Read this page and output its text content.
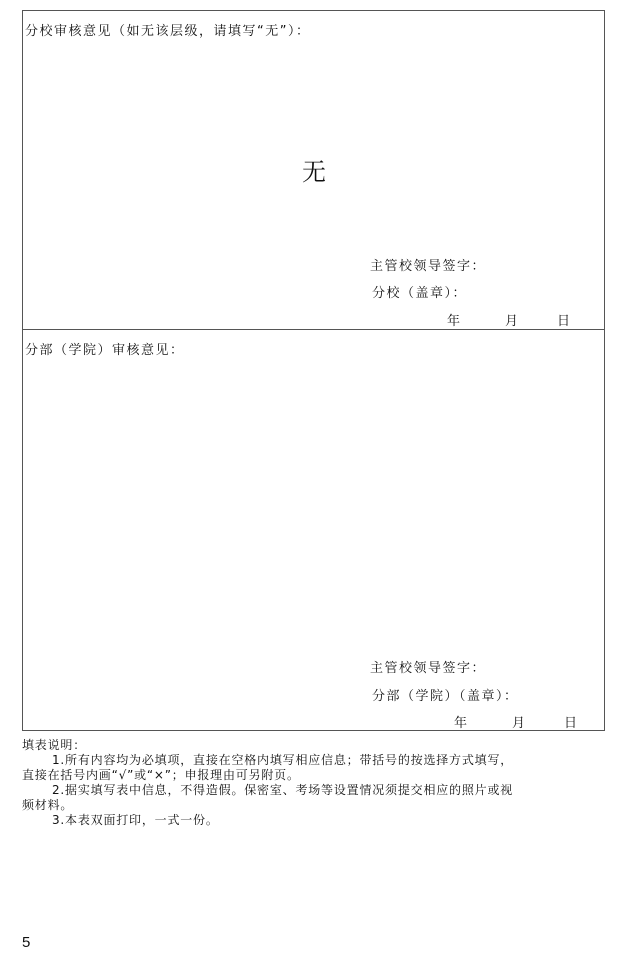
分校审核意见（如无该层级，请填写“无”）：
无
主管校领导签字：
分校（盖章）：
年	月	日
分部（学院）审核意见：
主管校领导签字：
分部（学院）（盖章）：
年	月	日
填表说明：
1.所有内容均为必填项，直接在空格内填写相应信息；带括号的按选择方式填写，
直接在括号内画“√”或“×”；申报理由可另附页。
2.据实填写表中信息，不得造假。保密室、考场等设置情况须提交相应的照片或视
频材料。
3.本表双面打印，一式一份。
5
